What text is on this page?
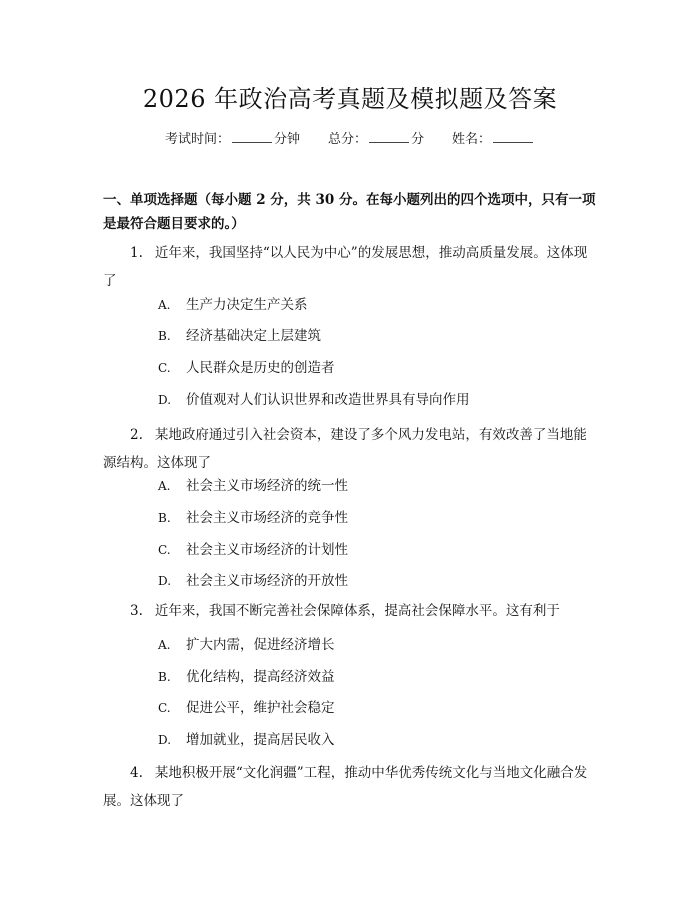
2026 年政治高考真题及模拟题及答案
考试时间：	分钟 总分：	分 姓名：
一、单项选择题（每小题 2 分，共 30 分。在每小题列出的四个选项中，只有一项是最符合题目要求的。）
1. 近年来，我国坚持“以人民为中心”的发展思想，推动高质量发展。这体现了
A. 生产力决定生产关系
B. 经济基础决定上层建筑
C. 人民群众是历史的创造者
D. 价值观对人们认识世界和改造世界具有导向作用
2. 某地政府通过引入社会资本，建设了多个风力发电站，有效改善了当地能源结构。这体现了
A. 社会主义市场经济的统一性
B. 社会主义市场经济的竞争性
C. 社会主义市场经济的计划性
D. 社会主义市场经济的开放性
3. 近年来，我国不断完善社会保障体系，提高社会保障水平。这有利于
A. 扩大内需，促进经济增长
B. 优化结构，提高经济效益
C. 促进公平，维护社会稳定
D. 增加就业，提高居民收入
4. 某地积极开展“文化润疆”工程，推动中华优秀传统文化与当地文化融合发展。这体现了
